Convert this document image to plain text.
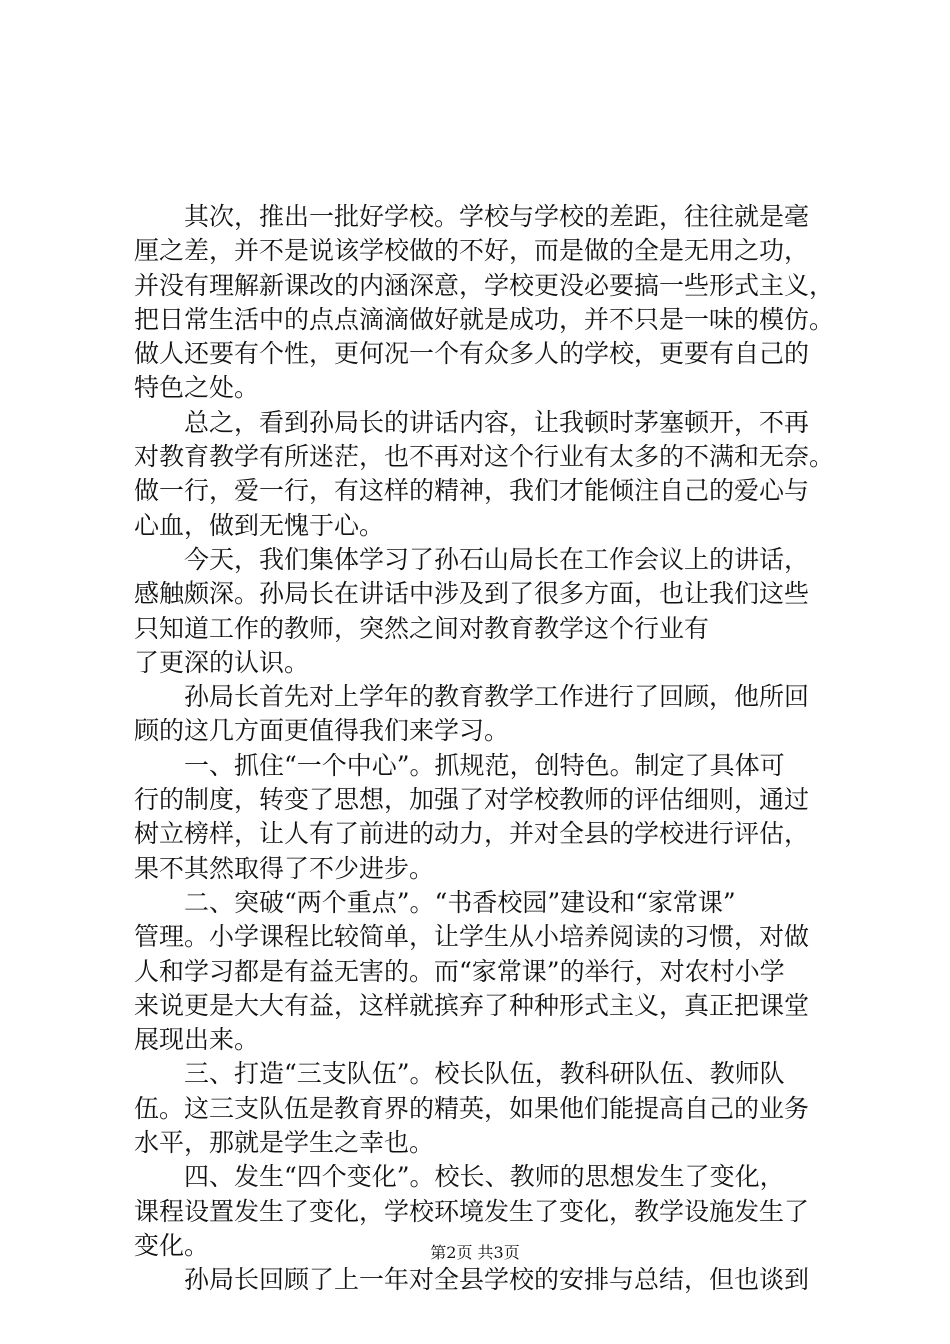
其次，推出一批好学校。学校与学校的差距，往往就是毫
厘之差，并不是说该学校做的不好，而是做的全是无用之功，
并没有理解新课改的内涵深意，学校更没必要搞一些形式主义，
把日常生活中的点点滴滴做好就是成功，并不只是一味的模仿。
做人还要有个性，更何况一个有众多人的学校，更要有自己的
特色之处。
总之，看到孙局长的讲话内容，让我顿时茅塞顿开，不再
对教育教学有所迷茫，也不再对这个行业有太多的不满和无奈。
做一行，爱一行，有这样的精神，我们才能倾注自己的爱心与
心血，做到无愧于心。
今天，我们集体学习了孙石山局长在工作会议上的讲话，
感触颇深。孙局长在讲话中涉及到了很多方面，也让我们这些
只知道工作的教师，突然之间对教育教学这个行业有
了更深的认识。
孙局长首先对上学年的教育教学工作进行了回顾，他所回
顾的这几方面更值得我们来学习。
一、抓住“一个中心”。抓规范，创特色。制定了具体可
行的制度，转变了思想，加强了对学校教师的评估细则，通过
树立榜样，让人有了前进的动力，并对全县的学校进行评估，
果不其然取得了不少进步。
二、突破“两个重点”。“书香校园”建设和“家常课”
管理。小学课程比较简单，让学生从小培养阅读的习惯，对做
人和学习都是有益无害的。而“家常课”的举行，对农村小学
来说更是大大有益，这样就摈弃了种种形式主义，真正把课堂
展现出来。
三、打造“三支队伍”。校长队伍，教科研队伍、教师队
伍。这三支队伍是教育界的精英，如果他们能提高自己的业务
水平，那就是学生之幸也。
四、发生“四个变化”。校长、教师的思想发生了变化，
课程设置发生了变化，学校环境发生了变化，教学设施发生了
变化。
孙局长回顾了上一年对全县学校的安排与总结，但也谈到
第2页 共3页
